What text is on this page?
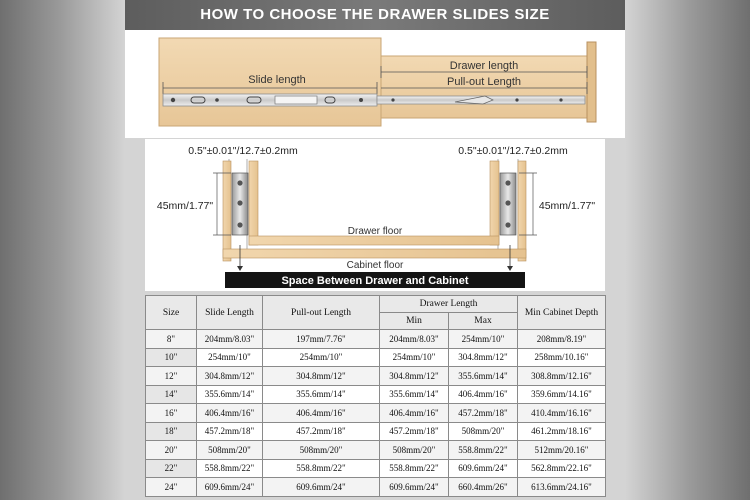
HOW TO CHOOSE THE DRAWER SLIDES SIZE
Drawer length
Slide length	Pull-out Length
0.5"±0.01"/12.7±0.2mm	0.5"±0.01"/12.7±0.2mm
45mm/1.77"	45mm/1.77"
Drawer floor
Cabinet floor
Space Between Drawer and Cabinet
Size	Slide Length	Pull-out Length	Drawer Length		Min Cabinet Depth
			Min	Max	
8"	204mm/8.03"	197mm/7.76"	204mm/8.03"	254mm/10"	208mm/8.19"
10"	254mm/10"	254mm/10"	254mm/10"	304.8mm/12"	258mm/10.16"
12"	304.8mm/12"	304.8mm/12"	304.8mm/12"	355.6mm/14"	308.8mm/12.16"
14"	355.6mm/14"	355.6mm/14"	355.6mm/14"	406.4mm/16"	359.6mm/14.16"
16"	406.4mm/16"	406.4mm/16"	406.4mm/16"	457.2mm/18"	410.4mm/16.16"
18"	457.2mm/18"	457.2mm/18"	457.2mm/18"	508mm/20"	461.2mm/18.16"
20"	508mm/20"	508mm/20"	508mm/20"	558.8mm/22"	512mm/20.16"
22"	558.8mm/22"	558.8mm/22"	558.8mm/22"	609.6mm/24"	562.8mm/22.16"
24"	609.6mm/24"	609.6mm/24"	609.6mm/24"	660.4mm/26"	613.6mm/24.16"
